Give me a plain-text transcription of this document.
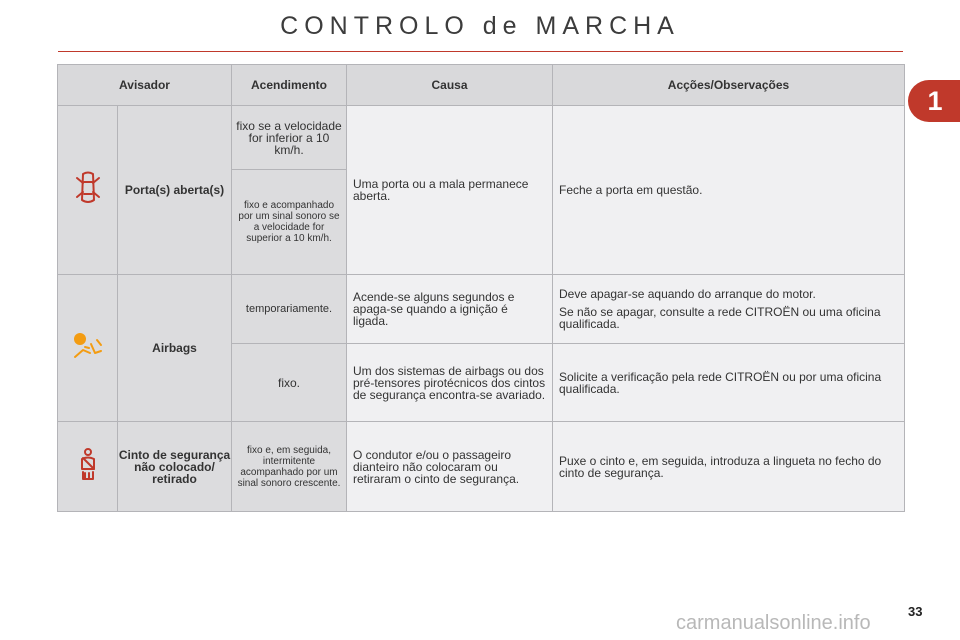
CONTROLO de MARCHA
1
Avisador		Acendimento	Causa	Acções/Observações
	Porta(s) aberta(s)	fixo se a velocidade for inferior a 10 km/h.	Uma porta ou a mala permanece aberta.	Feche a porta em questão.
		fixo e acompanhado por um sinal sonoro se a velocidade for superior a 10 km/h.		
	Airbags	temporariamente.	Acende-se alguns segundos e apaga-se quando a ignição é ligada.	Deve apagar-se aquando do arranque do motor.

Se não se apagar, consulte a rede CITROËN ou uma oficina qualificada.

		fixo.	Um dos sistemas de airbags ou dos pré-tensores pirotécnicos dos cintos de segurança encontra-se avariado.	Solicite a verificação pela rede CITROËN ou por uma oficina qualificada.
	Cinto de segurança não colocado/ retirado	fixo e, em seguida, intermitente acompanhado por um sinal sonoro crescente.	O condutor e/ou o passageiro dianteiro não colocaram ou retiraram o cinto de segurança.	Puxe o cinto e, em seguida, introduza a lingueta no fecho do cinto de segurança.
33
carmanualsonline.info
